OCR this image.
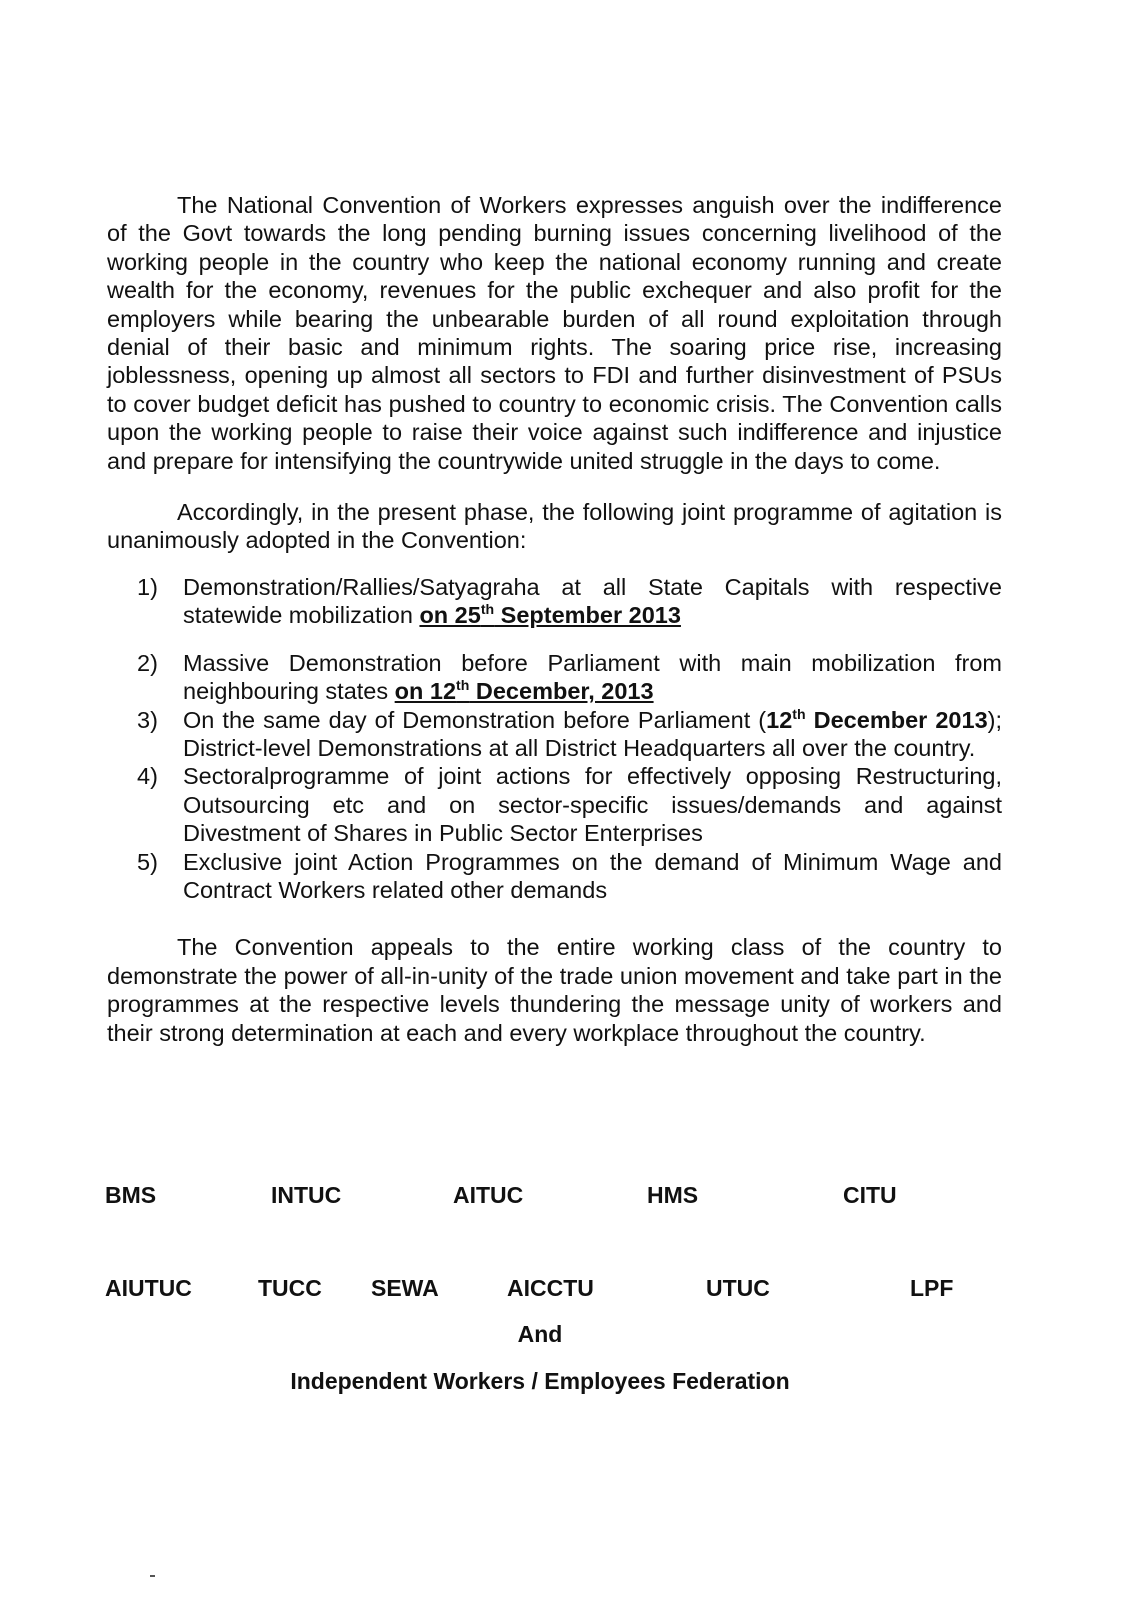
The National Convention of Workers expresses anguish over the indifference of the Govt towards the long pending burning issues concerning livelihood of the working people in the country who keep the national economy running and create wealth for the economy, revenues for the public exchequer and also profit for the employers while bearing the unbearable burden of all round exploitation through denial of their basic and minimum rights. The soaring price rise, increasing joblessness, opening up almost all sectors to FDI and further disinvestment of PSUs to cover budget deficit has pushed to country to economic crisis. The Convention calls upon the working people to raise their voice against such indifference and injustice and prepare for intensifying the countrywide united struggle in the days to come.

Accordingly, in the present phase, the following joint programme of agitation is unanimously adopted in the Convention:

1) Demonstration/Rallies/Satyagraha at all State Capitals with respective statewide mobilization on 25th September 2013
2) Massive Demonstration before Parliament with main mobilization from neighbouring states on 12th December, 2013
3) On the same day of Demonstration before Parliament (12th December 2013); District-level Demonstrations at all District Headquarters all over the country.
4) Sectoralprogramme of joint actions for effectively opposing Restructuring, Outsourcing etc and on sector-specific issues/demands and against Divestment of Shares in Public Sector Enterprises
5) Exclusive joint Action Programmes on the demand of Minimum Wage and Contract Workers related other demands

The Convention appeals to the entire working class of the country to demonstrate the power of all-in-unity of the trade union movement and take part in the programmes at the respective levels thundering the message unity of workers and their strong determination at each and every workplace throughout the country.

BMS	INTUC	AITUC	HMS	CITU
AIUTUC	TUCC SEWA	AICCTU	UTUC	LPF
And
Independent Workers / Employees Federation
